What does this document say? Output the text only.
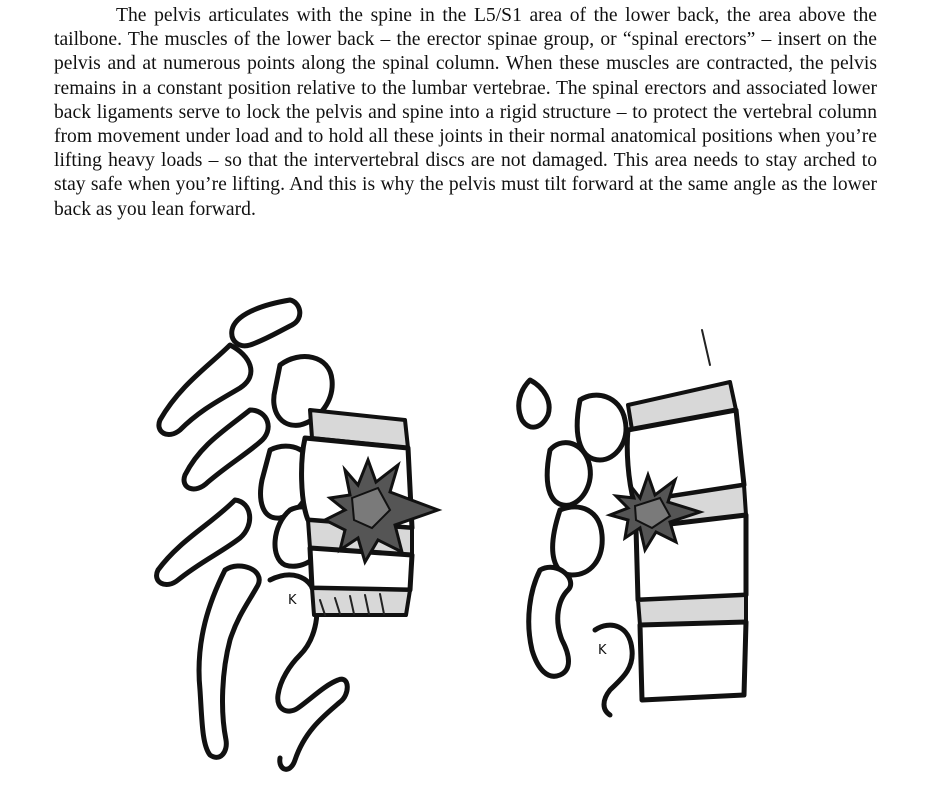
The pelvis articulates with the spine in the L5/S1 area of the lower back, the area above the tailbone. The muscles of the lower back – the erector spinae group, or “spinal erectors” – insert on the pelvis and at numerous points along the spinal column. When these muscles are contracted, the pelvis remains in a constant position relative to the lumbar vertebrae. The spinal erectors and associated lower back ligaments serve to lock the pelvis and spine into a rigid structure – to protect the vertebral column from movement under load and to hold all these joints in their normal anatomical positions when you’re lifting heavy loads – so that the intervertebral discs are not damaged. This area needs to stay arched to stay safe when you’re lifting. And this is why the pelvis must tilt forward at the same angle as the lower back as you lean forward.

K
K
